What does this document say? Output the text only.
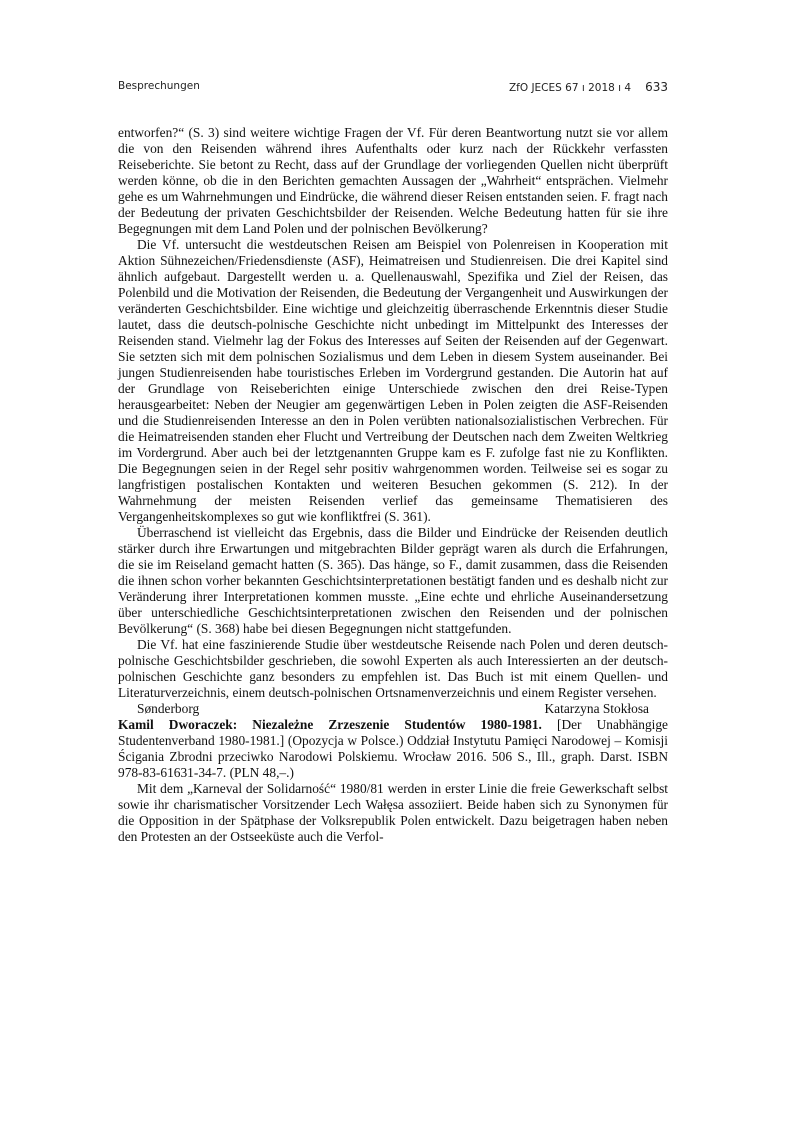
Besprechungen	ZfO JECES 67 ı 2018 ı 4 633

entworfen?“ (S. 3) sind weitere wichtige Fragen der Vf. Für deren Beantwortung nutzt sie vor allem die von den Reisenden während ihres Aufenthalts oder kurz nach der Rückkehr verfassten Reiseberichte. Sie betont zu Recht, dass auf der Grundlage der vorliegenden Quellen nicht überprüft werden könne, ob die in den Berichten gemachten Aussagen der „Wahrheit“ entsprächen. Vielmehr gehe es um Wahrnehmungen und Eindrücke, die während dieser Reisen entstanden seien. F. fragt nach der Bedeutung der privaten Geschichtsbilder der Reisenden. Welche Bedeutung hatten für sie ihre Begegnungen mit dem Land Polen und der polnischen Bevölkerung?

Die Vf. untersucht die westdeutschen Reisen am Beispiel von Polenreisen in Kooperation mit Aktion Sühnezeichen/Friedensdienste (ASF), Heimatreisen und Studienreisen. Die drei Kapitel sind ähnlich aufgebaut. Dargestellt werden u. a. Quellenauswahl, Spezifika und Ziel der Reisen, das Polenbild und die Motivation der Reisenden, die Bedeutung der Vergangenheit und Auswirkungen der veränderten Geschichtsbilder. Eine wichtige und gleichzeitig überraschende Erkenntnis dieser Studie lautet, dass die deutsch-polnische Geschichte nicht unbedingt im Mittelpunkt des Interesses der Reisenden stand. Vielmehr lag der Fokus des Interesses auf Seiten der Reisenden auf der Gegenwart. Sie setzten sich mit dem polnischen Sozialismus und dem Leben in diesem System auseinander. Bei jungen Studienreisenden habe touristisches Erleben im Vordergrund gestanden. Die Autorin hat auf der Grundlage von Reiseberichten einige Unterschiede zwischen den drei Reise-Typen herausgearbeitet: Neben der Neugier am gegenwärtigen Leben in Polen zeigten die ASF-Reisenden und die Studienreisenden Interesse an den in Polen verübten nationalsozialistischen Verbrechen. Für die Heimatreisenden standen eher Flucht und Vertreibung der Deutschen nach dem Zweiten Weltkrieg im Vordergrund. Aber auch bei der letztgenannten Gruppe kam es F. zufolge fast nie zu Konflikten. Die Begegnungen seien in der Regel sehr positiv wahrgenommen worden. Teilweise sei es sogar zu langfristigen postalischen Kontakten und weiteren Besuchen gekommen (S. 212). In der Wahrnehmung der meisten Reisenden verlief das gemeinsame Thematisieren des Vergangenheitskomplexes so gut wie konfliktfrei (S. 361).

Überraschend ist vielleicht das Ergebnis, dass die Bilder und Eindrücke der Reisenden deutlich stärker durch ihre Erwartungen und mitgebrachten Bilder geprägt waren als durch die Erfahrungen, die sie im Reiseland gemacht hatten (S. 365). Das hänge, so F., damit zusammen, dass die Reisenden die ihnen schon vorher bekannten Geschichtsinterpretationen bestätigt fanden und es deshalb nicht zur Veränderung ihrer Interpretationen kommen musste. „Eine echte und ehrliche Auseinandersetzung über unterschiedliche Geschichtsinterpretationen zwischen den Reisenden und der polnischen Bevölkerung“ (S. 368) habe bei diesen Begegnungen nicht stattgefunden.

Die Vf. hat eine faszinierende Studie über westdeutsche Reisende nach Polen und deren deutsch-polnische Geschichtsbilder geschrieben, die sowohl Experten als auch Interessierten an der deutsch-polnischen Geschichte ganz besonders zu empfehlen ist. Das Buch ist mit einem Quellen- und Literaturverzeichnis, einem deutsch-polnischen Ortsnamenverzeichnis und einem Register versehen.

Sønderborg	Katarzyna Stokłosa

Kamil Dworaczek: Niezależne Zrzeszenie Studentów 1980-1981. [Der Unabhängige Studentenverband 1980-1981.] (Opozycja w Polsce.) Oddział Instytutu Pamięci Narodowej – Komisji Ścigania Zbrodni przeciwko Narodowi Polskiemu. Wrocław 2016. 506 S., Ill., graph. Darst. ISBN 978-83-61631-34-7. (PLN 48,–.)

Mit dem „Karneval der Solidarność“ 1980/81 werden in erster Linie die freie Gewerkschaft selbst sowie ihr charismatischer Vorsitzender Lech Wałęsa assoziiert. Beide haben sich zu Synonymen für die Opposition in der Spätphase der Volksrepublik Polen entwickelt. Dazu beigetragen haben neben den Protesten an der Ostseeküste auch die Verfol-
